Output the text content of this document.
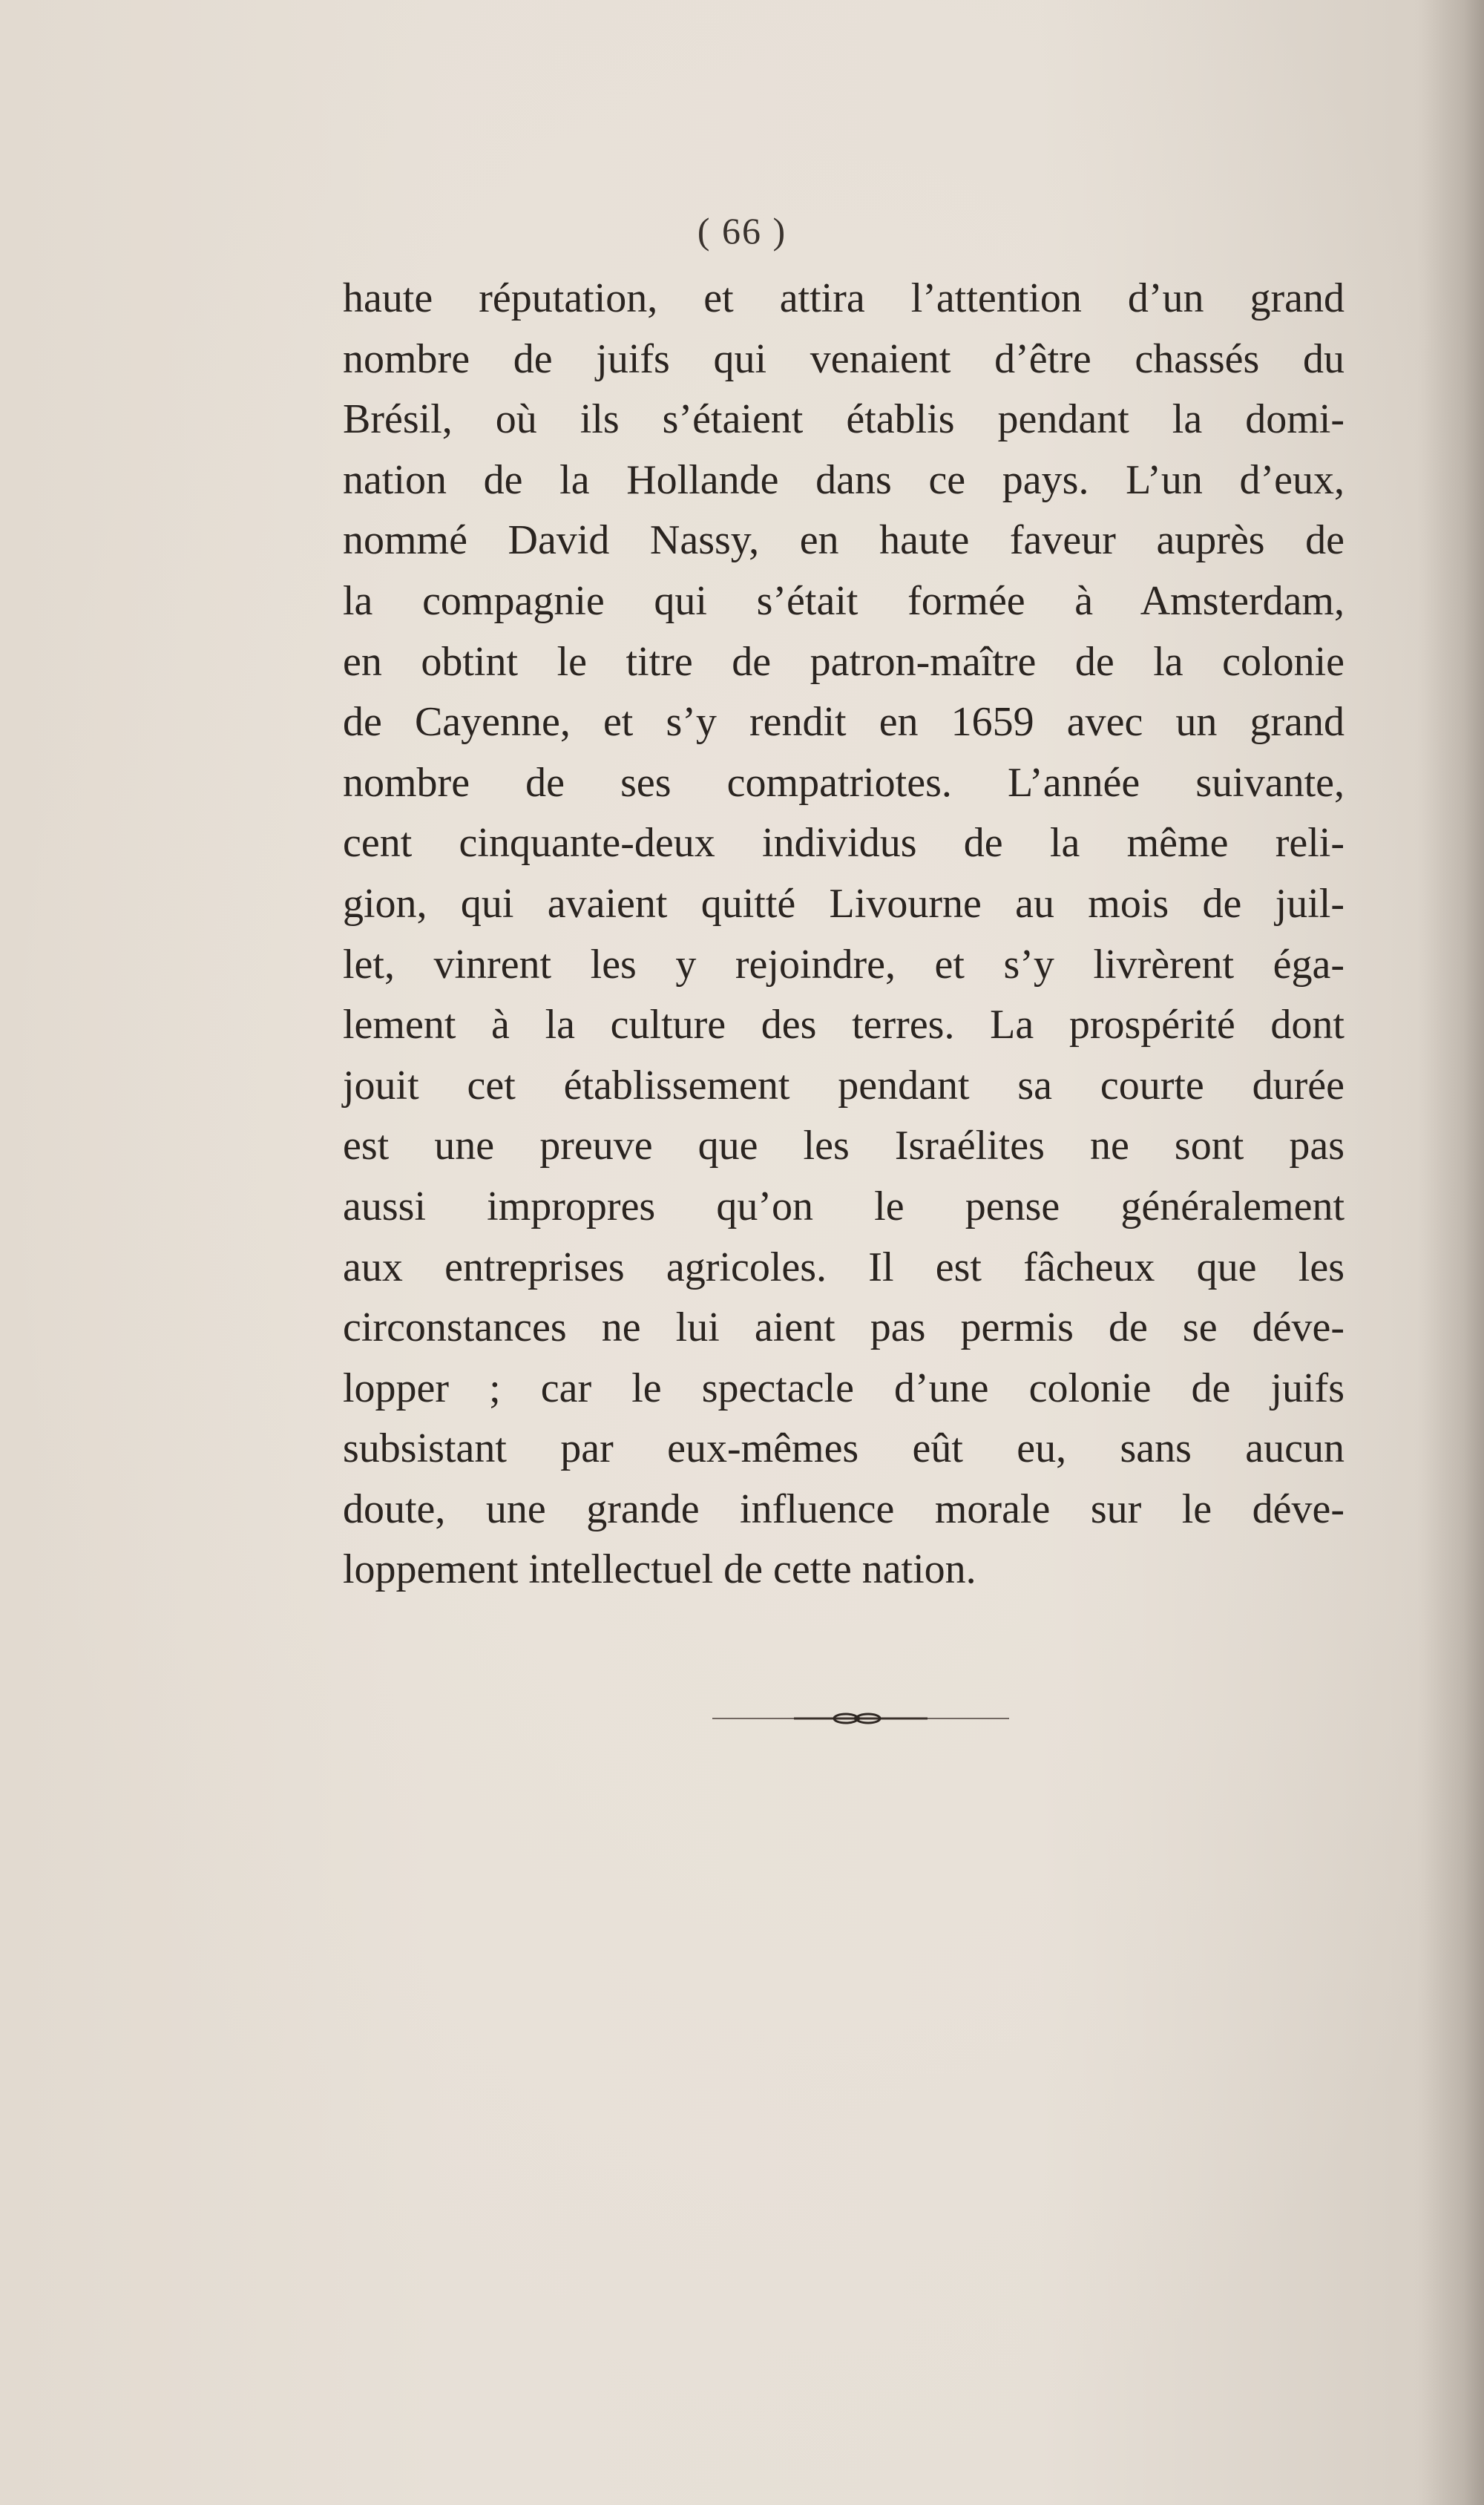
( 66 )
haute réputation, et attira l’attention d’un grand
nombre de juifs qui venaient d’être chassés du
Brésil, où ils s’étaient établis pendant la domi-
nation de la Hollande dans ce pays. L’un d’eux,
nommé David Nassy, en haute faveur auprès de
la compagnie qui s’était formée à Amsterdam,
en obtint le titre de patron-maître de la colonie
de Cayenne, et s’y rendit en 1659 avec un grand
nombre de ses compatriotes. L’année suivante,
cent cinquante-deux individus de la même reli-
gion, qui avaient quitté Livourne au mois de juil-
let, vinrent les y rejoindre, et s’y livrèrent éga-
lement à la culture des terres. La prospérité dont
jouit cet établissement pendant sa courte durée
est une preuve que les Israélites ne sont pas
aussi impropres qu’on le pense généralement
aux entreprises agricoles. Il est fâcheux que les
circonstances ne lui aient pas permis de se déve-
lopper ; car le spectacle d’une colonie de juifs
subsistant par eux-mêmes eût eu, sans aucun
doute, une grande influence morale sur le déve-
loppement intellectuel de cette nation.
